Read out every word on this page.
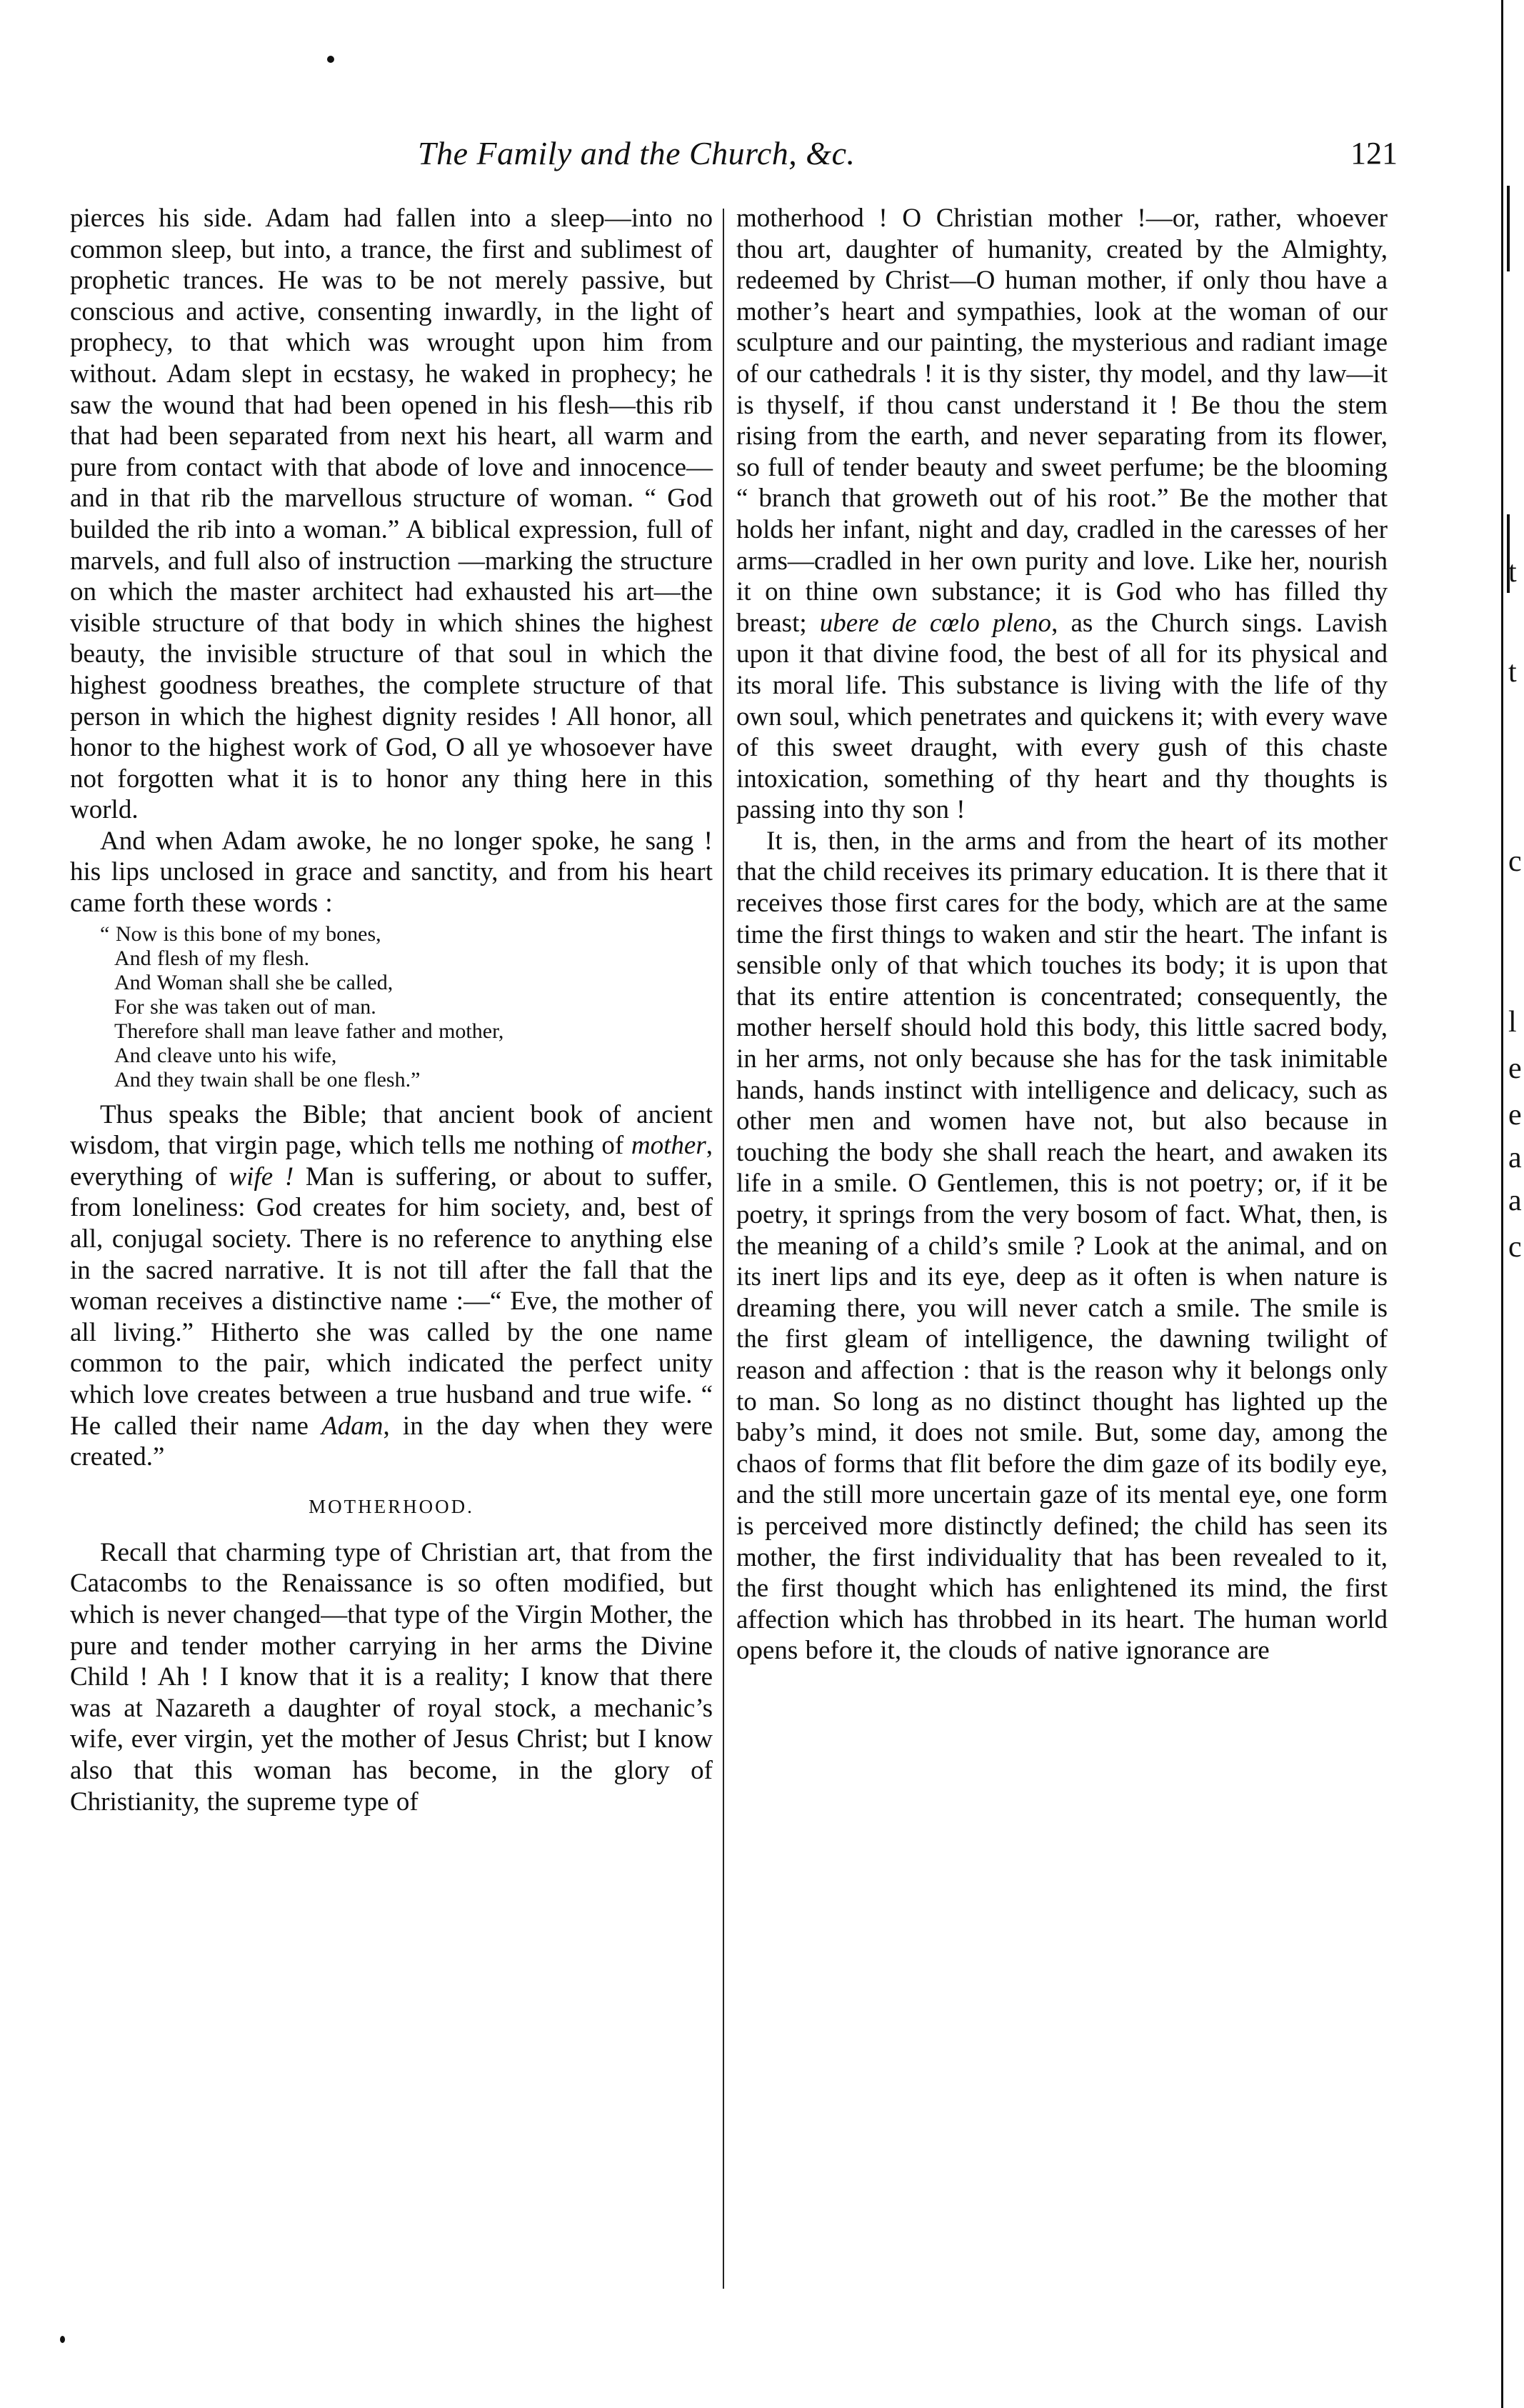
The Family and the Church, &c.	121

pierces his side. Adam had fallen into a sleep—into no common sleep, but into, a trance, the first and sublimest of prophetic trances. He was to be not merely passive, but conscious and active, consenting inwardly, in the light of prophecy, to that which was wrought upon him from without. Adam slept in ecstasy, he waked in prophecy; he saw the wound that had been opened in his flesh—this rib that had been separated from next his heart, all warm and pure from contact with that abode of love and innocence—and in that rib the marvellous structure of woman. “ God builded the rib into a woman.” A biblical expression, full of marvels, and full also of instruction —marking the structure on which the master architect had exhausted his art—the visible structure of that body in which shines the highest beauty, the invisible structure of that soul in which the highest goodness breathes, the complete structure of that person in which the highest dignity resides ! All honor, all honor to the highest work of God, O all ye whosoever have not forgotten what it is to honor any thing here in this world.

And when Adam awoke, he no longer spoke, he sang ! his lips unclosed in grace and sanctity, and from his heart came forth these words :

“ Now is this bone of my bones,
And flesh of my flesh.
And Woman shall she be called,
For she was taken out of man.
Therefore shall man leave father and mother,
And cleave unto his wife,
And they twain shall be one flesh.”

Thus speaks the Bible; that ancient book of ancient wisdom, that virgin page, which tells me nothing of mother, everything of wife ! Man is suffering, or about to suffer, from loneliness: God creates for him society, and, best of all, conjugal society. There is no reference to anything else in the sacred narrative. It is not till after the fall that the woman receives a distinctive name :—“ Eve, the mother of all living.” Hitherto she was called by the one name common to the pair, which indicated the perfect unity which love creates between a true husband and true wife. “ He called their name Adam, in the day when they were created.”

MOTHERHOOD.

Recall that charming type of Christian art, that from the Catacombs to the Renaissance is so often modified, but which is never changed—that type of the Virgin Mother, the pure and tender mother carrying in her arms the Divine Child ! Ah ! I know that it is a reality; I know that there was at Nazareth a daughter of royal stock, a mechanic’s wife, ever virgin, yet the mother of Jesus Christ; but I know also that this woman has become, in the glory of Christianity, the supreme type of

motherhood ! O Christian mother !—or, rather, whoever thou art, daughter of humanity, created by the Almighty, redeemed by Christ—O human mother, if only thou have a mother’s heart and sympathies, look at the woman of our sculpture and our painting, the mysterious and radiant image of our cathedrals ! it is thy sister, thy model, and thy law—it is thyself, if thou canst understand it ! Be thou the stem rising from the earth, and never separating from its flower, so full of tender beauty and sweet perfume; be the blooming “ branch that groweth out of his root.” Be the mother that holds her infant, night and day, cradled in the caresses of her arms—cradled in her own purity and love. Like her, nourish it on thine own substance; it is God who has filled thy breast; ubere de cœlo pleno, as the Church sings. Lavish upon it that divine food, the best of all for its physical and its moral life. This substance is living with the life of thy own soul, which penetrates and quickens it; with every wave of this sweet draught, with every gush of this chaste intoxication, something of thy heart and thy thoughts is passing into thy son !

It is, then, in the arms and from the heart of its mother that the child receives its primary education. It is there that it receives those first cares for the body, which are at the same time the first things to waken and stir the heart. The infant is sensible only of that which touches its body; it is upon that that its entire attention is concentrated; consequently, the mother herself should hold this body, this little sacred body, in her arms, not only because she has for the task inimitable hands, hands instinct with intelligence and delicacy, such as other men and women have not, but also because in touching the body she shall reach the heart, and awaken its life in a smile. O Gentlemen, this is not poetry; or, if it be poetry, it springs from the very bosom of fact. What, then, is the meaning of a child’s smile ? Look at the animal, and on its inert lips and its eye, deep as it often is when nature is dreaming there, you will never catch a smile. The smile is the first gleam of intelligence, the dawning twilight of reason and affection : that is the reason why it belongs only to man. So long as no distinct thought has lighted up the baby’s mind, it does not smile. But, some day, among the chaos of forms that flit before the dim gaze of its bodily eye, and the still more uncertain gaze of its mental eye, one form is perceived more distinctly defined; the child has seen its mother, the first individuality that has been revealed to it, the first thought which has enlightened its mind, the first affection which has throbbed in its heart. The human world opens before it, the clouds of native ignorance are

t
t
c
l
e
e
a
a
c
